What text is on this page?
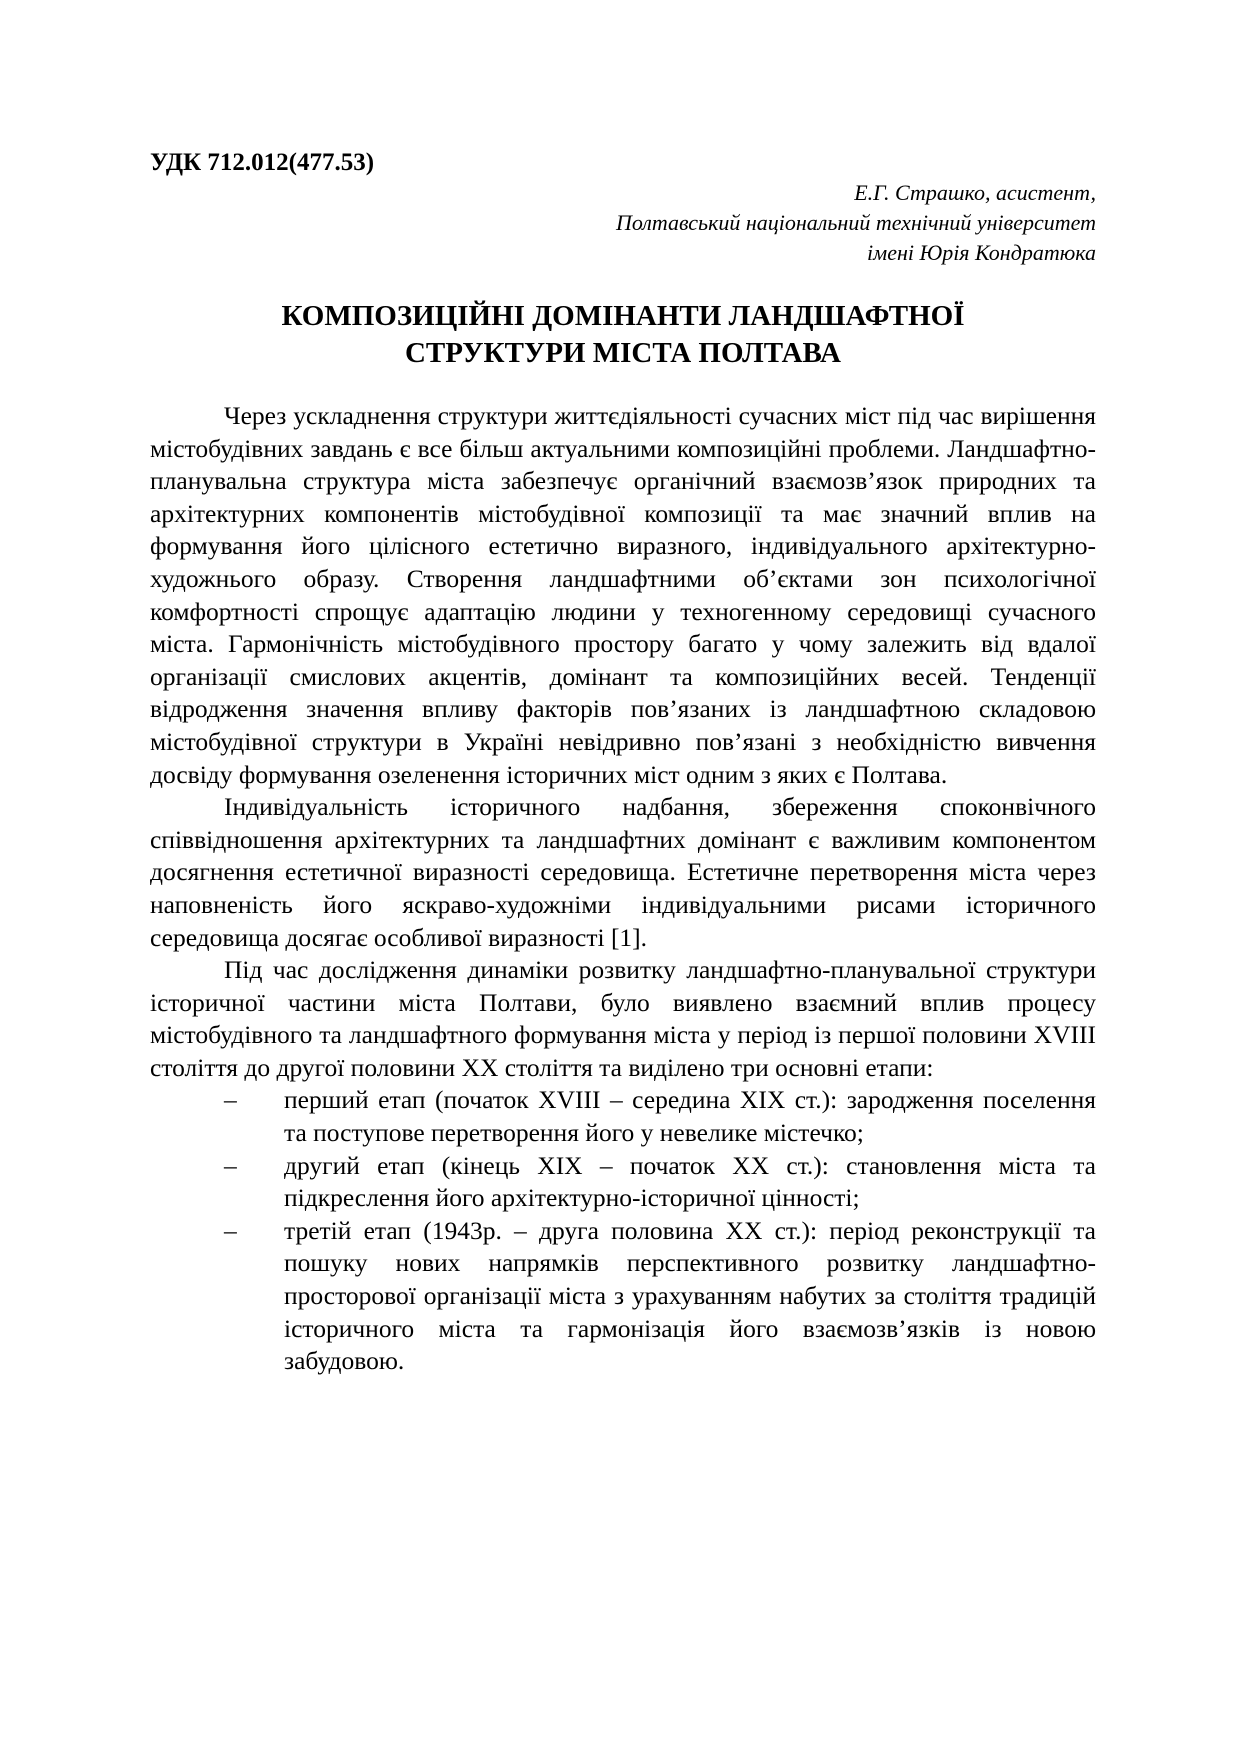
УДК 712.012(477.53)

Е.Г. Страшко, асистент,
Полтавський національний технічний університет
імені Юрія Кондратюка
КОМПОЗИЦІЙНІ ДОМІНАНТИ ЛАНДШАФТНОЇ
СТРУКТУРИ МІСТА ПОЛТАВА

Через ускладнення структури життєдіяльності сучасних міст під час вирішення містобудівних завдань є все більш актуальними композиційні проблеми. Ландшафтно-планувальна структура міста забезпечує органічний взаємозв’язок природних та архітектурних компонентів містобудівної композиції та має значний вплив на формування його цілісного естетично виразного, індивідуального архітектурно-художнього образу. Створення ландшафтними об’єктами зон психологічної комфортності спрощує адаптацію людини у техногенному середовищі сучасного міста. Гармонічність містобудівного простору багато у чому залежить від вдалої організації смислових акцентів, домінант та композиційних весей. Тенденції відродження значення впливу факторів пов’язаних із ландшафтною складовою містобудівної структури в Україні невідривно пов’язані з необхідністю вивчення досвіду формування озеленення історичних міст одним з яких є Полтава.

Індивідуальність історичного надбання, збереження споконвічного співвідношення архітектурних та ландшафтних домінант є важливим компонентом досягнення естетичної виразності середовища. Естетичне перетворення міста через наповненість його яскраво-художніми індивідуальними рисами історичного середовища досягає особливої виразності [1].

Під час дослідження динаміки розвитку ландшафтно-планувальної структури історичної частини міста Полтави, було виявлено взаємний вплив процесу містобудівного та ландшафтного формування міста у період із першої половини XVIII століття до другої половини XX століття та виділено три основні етапи:

– перший етап (початок XVIII – середина XIX ст.): зародження поселення та поступове перетворення його у невелике містечко;
– другий етап (кінець XIX – початок XX ст.): становлення міста та підкреслення його архітектурно-історичної цінності;
– третій етап (1943р. – друга половина XX ст.): період реконструкції та пошуку нових напрямків перспективного розвитку ландшафтно-просторової організації міста з урахуванням набутих за століття традицій історичного міста та гармонізація його взаємозв’язків із новою забудовою.
